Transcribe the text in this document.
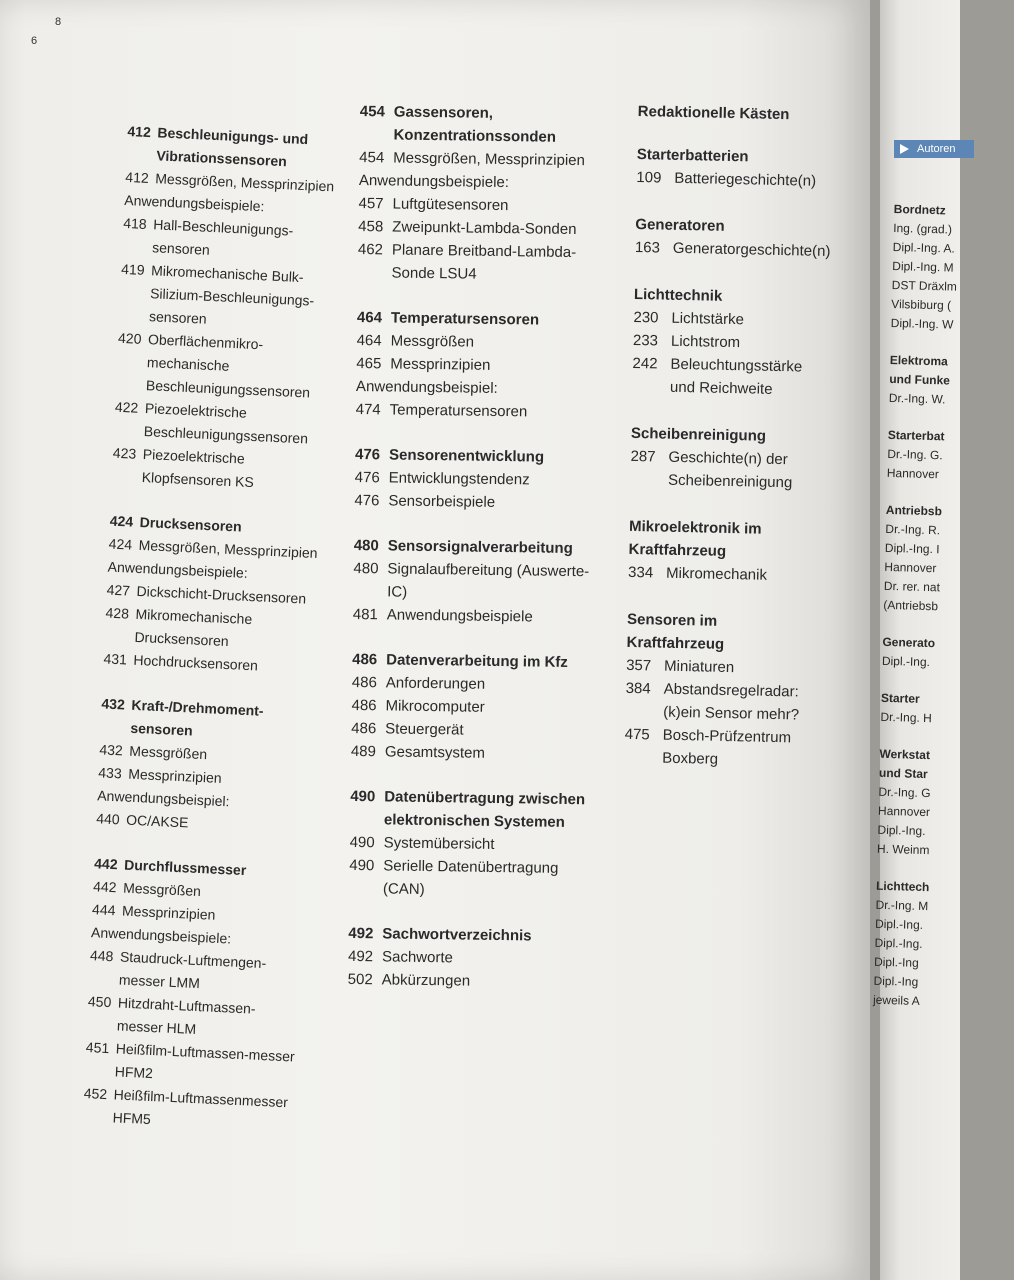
8
6
412 Beschleunigungs- und Vibrationssensoren
412 Messgrößen, Messprinzipien
Anwendungsbeispiele:
418 Hall-Beschleunigungs-sensoren
419 Mikromechanische Bulk-Silizium-Beschleunigungs-sensoren
420 Oberflächenmikro-mechanische Beschleunigungssensoren
422 Piezoelektrische Beschleunigungssensoren
423 Piezoelektrische Klopfsensoren KS
424 Drucksensoren
424 Messgrößen, Messprinzipien
Anwendungsbeispiele:
427 Dickschicht-Drucksensoren
428 Mikromechanische Drucksensoren
431 Hochdrucksensoren
432 Kraft-/Drehmoment-sensoren
432 Messgrößen
433 Messprinzipien
Anwendungsbeispiel:
440 OC/AKSE
442 Durchflussmesser
442 Messgrößen
444 Messprinzipien
Anwendungsbeispiele:
448 Staudruck-Luftmengen-messer LMM
450 Hitzdraht-Luftmassen-messer HLM
451 Heißfilm-Luftmassen-messer HFM2
452 Heißfilm-Luftmassenmesser HFM5
454 Gassensoren, Konzentrationssonden
454 Messgrößen, Messprinzipien
Anwendungsbeispiele:
457 Luftgütesensoren
458 Zweipunkt-Lambda-Sonden
462 Planare Breitband-Lambda-Sonde LSU4
464 Temperatursensoren
464 Messgrößen
465 Messprinzipien
Anwendungsbeispiel:
474 Temperatursensoren
476 Sensorenentwicklung
476 Entwicklungstendenz
476 Sensorbeispiele
480 Sensorsignalverarbeitung
480 Signalaufbereitung (Auswerte-IC)
481 Anwendungsbeispiele
486 Datenverarbeitung im Kfz
486 Anforderungen
486 Mikrocomputer
486 Steuergerät
489 Gesamtsystem
490 Datenübertragung zwischen elektronischen Systemen
490 Systemübersicht
490 Serielle Datenübertragung (CAN)
492 Sachwortverzeichnis
492 Sachworte
502 Abkürzungen
Redaktionelle Kästen
Starterbatterien
109 Batteriegeschichte(n)
Generatoren
163 Generatorgeschichte(n)
Lichttechnik
230 Lichtstärke
233 Lichtstrom
242 Beleuchtungsstärke und Reichweite
Scheibenreinigung
287 Geschichte(n) der Scheibenreinigung
Mikroelektronik im Kraftfahrzeug
334 Mikromechanik
Sensoren im Kraftfahrzeug
357 Miniaturen
384 Abstandsregelradar: (k)ein Sensor mehr?
475 Bosch-Prüfzentrum Boxberg
Autoren
Bordnetz
Ing. (grad.)
Dipl.-Ing. A.
Dipl.-Ing. M
DST Dräxlm
Vilsbiburg (
Dipl.-Ing. W
Elektroma
und Funke
Dr.-Ing. W.
Starterbat
Dr.-Ing. G.
Hannover
Antriebsb
Dr.-Ing. R.
Dipl.-Ing. I
Hannover
Dr. rer. nat
(Antriebsb
Generato
Dipl.-Ing.
Starter
Dr.-Ing. H
Werkstat
und Star
Dr.-Ing. G
Hannover
Dipl.-Ing.
H. Weinm
Lichttech
Dr.-Ing. M
Dipl.-Ing.
Dipl.-Ing.
Dipl.-Ing
Dipl.-Ing
jeweils A
